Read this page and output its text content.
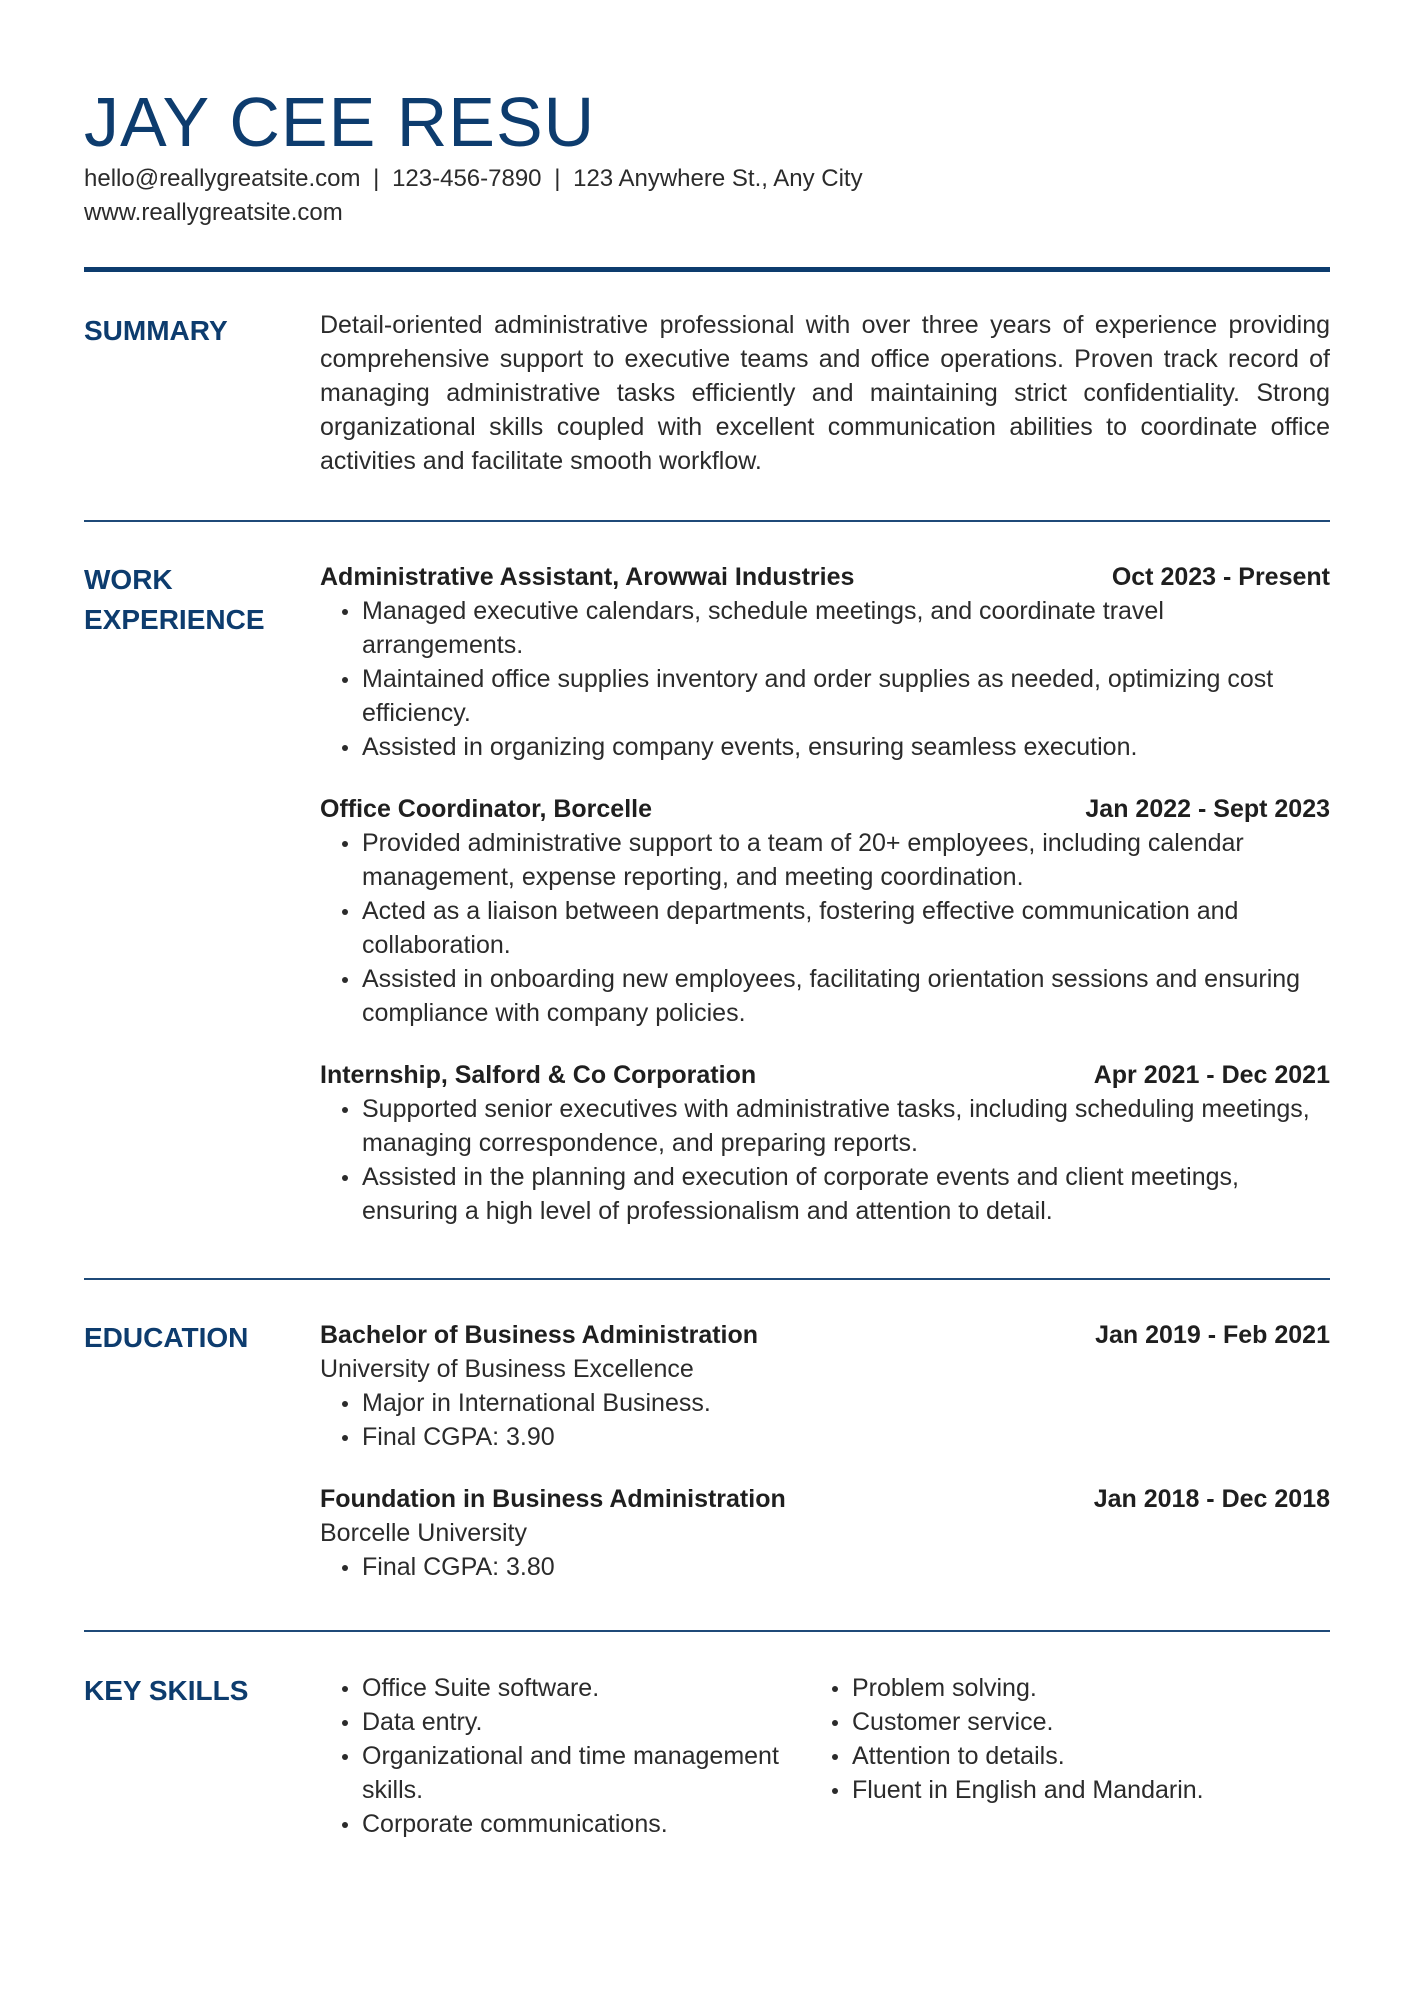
JAY CEE RESU
hello@reallygreatsite.com | 123-456-7890 | 123 Anywhere St., Any City
www.reallygreatsite.com
SUMMARY	Detail-oriented administrative professional with over three years of experience providing comprehensive support to executive teams and office operations. Proven track record of managing administrative tasks efficiently and maintaining strict confidentiality. Strong organizational skills coupled with excellent communication abilities to coordinate office activities and facilitate smooth workflow.

WORK EXPERIENCE
Administrative Assistant, Arowwai Industries	Oct 2023 - Present
Managed executive calendars, schedule meetings, and coordinate travel arrangements.
Maintained office supplies inventory and order supplies as needed, optimizing cost efficiency.
Assisted in organizing company events, ensuring seamless execution.
Office Coordinator, Borcelle	Jan 2022 - Sept 2023
Provided administrative support to a team of 20+ employees, including calendar management, expense reporting, and meeting coordination.
Acted as a liaison between departments, fostering effective communication and collaboration.
Assisted in onboarding new employees, facilitating orientation sessions and ensuring compliance with company policies.
Internship, Salford & Co Corporation	Apr 2021 - Dec 2021
Supported senior executives with administrative tasks, including scheduling meetings, managing correspondence, and preparing reports.
Assisted in the planning and execution of corporate events and client meetings, ensuring a high level of professionalism and attention to detail.
EDUCATION	Bachelor of Business Administration	Jan 2019 - Feb 2021
University of Business Excellence
Major in International Business.
Final CGPA: 3.90
Foundation in Business Administration	Jan 2018 - Dec 2018
Borcelle University
Final CGPA: 3.80
KEY SKILLS	Office Suite software.
Data entry.
Organizational and time management skills.
Corporate communications.
Problem solving.
Customer service.
Attention to details.
Fluent in English and Mandarin.
